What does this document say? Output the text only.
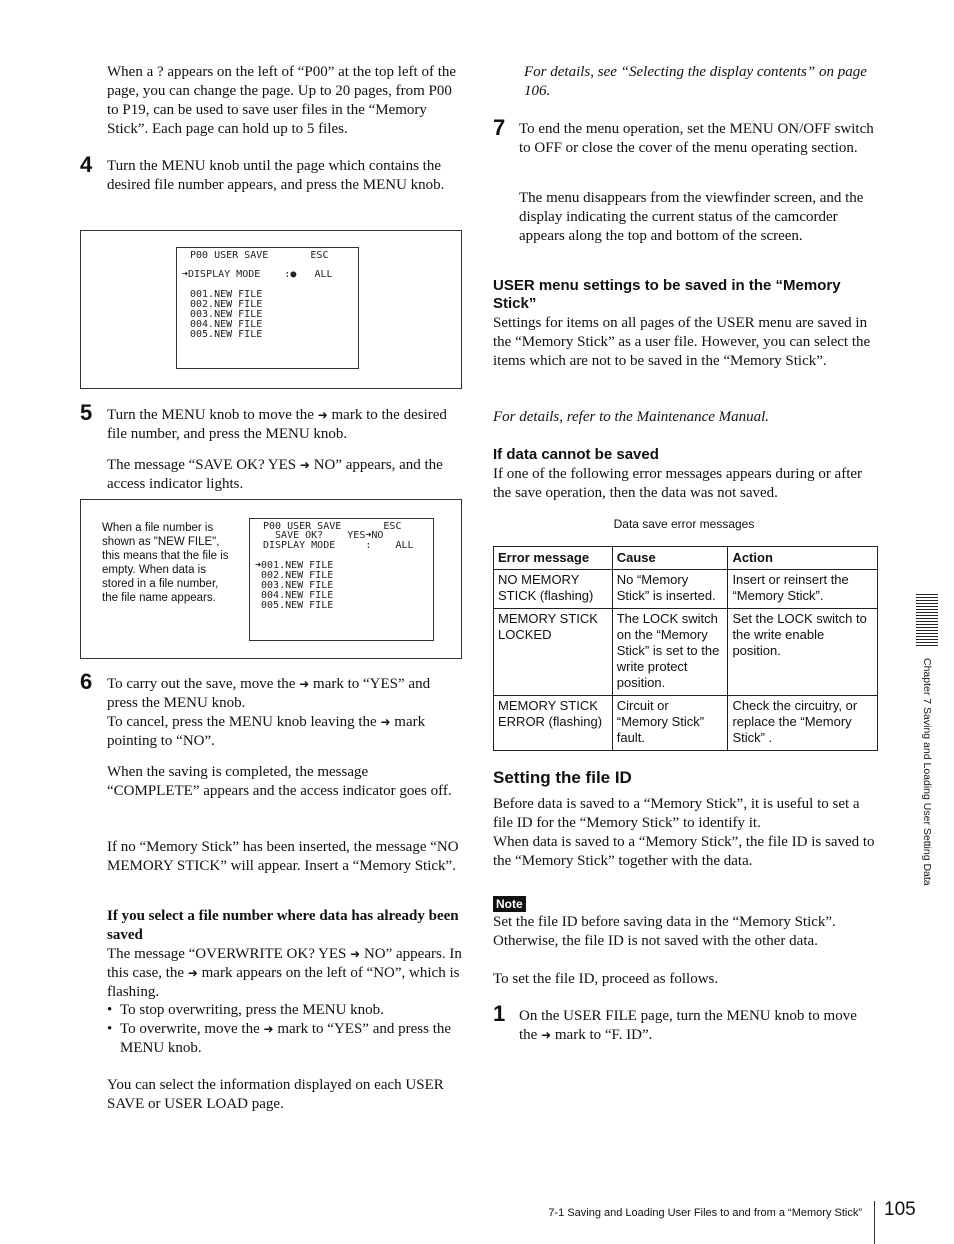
When a ? appears on the left of “P00” at the top left of the page, you can change the page. Up to 20 pages, from P00 to P19, can be used to save user files in the “Memory Stick”. Each page can hold up to 5 files.

4 Turn the MENU knob until the page which contains the desired file number appears, and press the MENU knob.

P00 USER SAVE       ESC

➜DISPLAY MODE    :●   ALL

001.NEW FILE

002.NEW FILE

003.NEW FILE

004.NEW FILE

005.NEW FILE

5 Turn the MENU knob to move the ➜ mark to the desired file number, and press the MENU knob.

The message “SAVE OK? YES ➜ NO” appears, and the access indicator lights.

When a file number is shown as "NEW FILE", this means that the file is empty. When data is stored in a file number, the file name appears.

P00 USER SAVE       ESC

SAVE OK?    YES➜NO

DISPLAY MODE     :    ALL

➜001.NEW FILE

002.NEW FILE

003.NEW FILE

004.NEW FILE

005.NEW FILE

6 To carry out the save, move the ➜ mark to “YES” and press the MENU knob.

To cancel, press the MENU knob leaving the ➜ mark pointing to “NO”.

When the saving is completed, the message “COMPLETE” appears and the access indicator goes off.

If no “Memory Stick” has been inserted, the message “NO MEMORY STICK” will appear. Insert a “Memory Stick”.

If you select a file number where data has already been saved

The message “OVERWRITE OK? YES ➜ NO” appears. In this case, the ➜ mark appears on the left of “NO”, which is flashing.

• To stop overwriting, press the MENU knob.
• To overwrite, move the ➜ mark to “YES” and press the MENU knob.

You can select the information displayed on each USER SAVE or USER LOAD page.

For details, see “Selecting the display contents” on page 106.

7 To end the menu operation, set the MENU ON/OFF switch to OFF or close the cover of the menu operating section.

The menu disappears from the viewfinder screen, and the display indicating the current status of the camcorder appears along the top and bottom of the screen.

USER menu settings to be saved in the “Memory Stick”

Settings for items on all pages of the USER menu are saved in the “Memory Stick” as a user file. However, you can select the items which are not to be saved in the “Memory Stick”.

For details, refer to the Maintenance Manual.

If data cannot be saved

If one of the following error messages appears during or after the save operation, then the data was not saved.

Data save error messages
Error message	Cause	Action
NO MEMORY STICK (flashing)	No “Memory Stick” is inserted.	Insert or reinsert the “Memory Stick”.
MEMORY STICK LOCKED	The LOCK switch on the “Memory Stick” is set to the write protect position.	Set the LOCK switch to the write enable position.
MEMORY STICK ERROR (flashing)	Circuit or “Memory Stick” fault.	Check the circuitry, or replace the “Memory Stick” .
Setting the file ID

Before data is saved to a “Memory Stick”, it is useful to set a file ID for the “Memory Stick” to identify it.

When data is saved to a “Memory Stick”, the file ID is saved to the “Memory Stick” together with the data.

Note

Set the file ID before saving data in the “Memory Stick”. Otherwise, the file ID is not saved with the other data.

To set the file ID, proceed as follows.

1 On the USER FILE page, turn the MENU knob to move the ➜ mark to “F. ID”.

Chapter 7 Saving and Loading User Setting Data
7-1 Saving and Loading User Files to and from a “Memory Stick” 105
